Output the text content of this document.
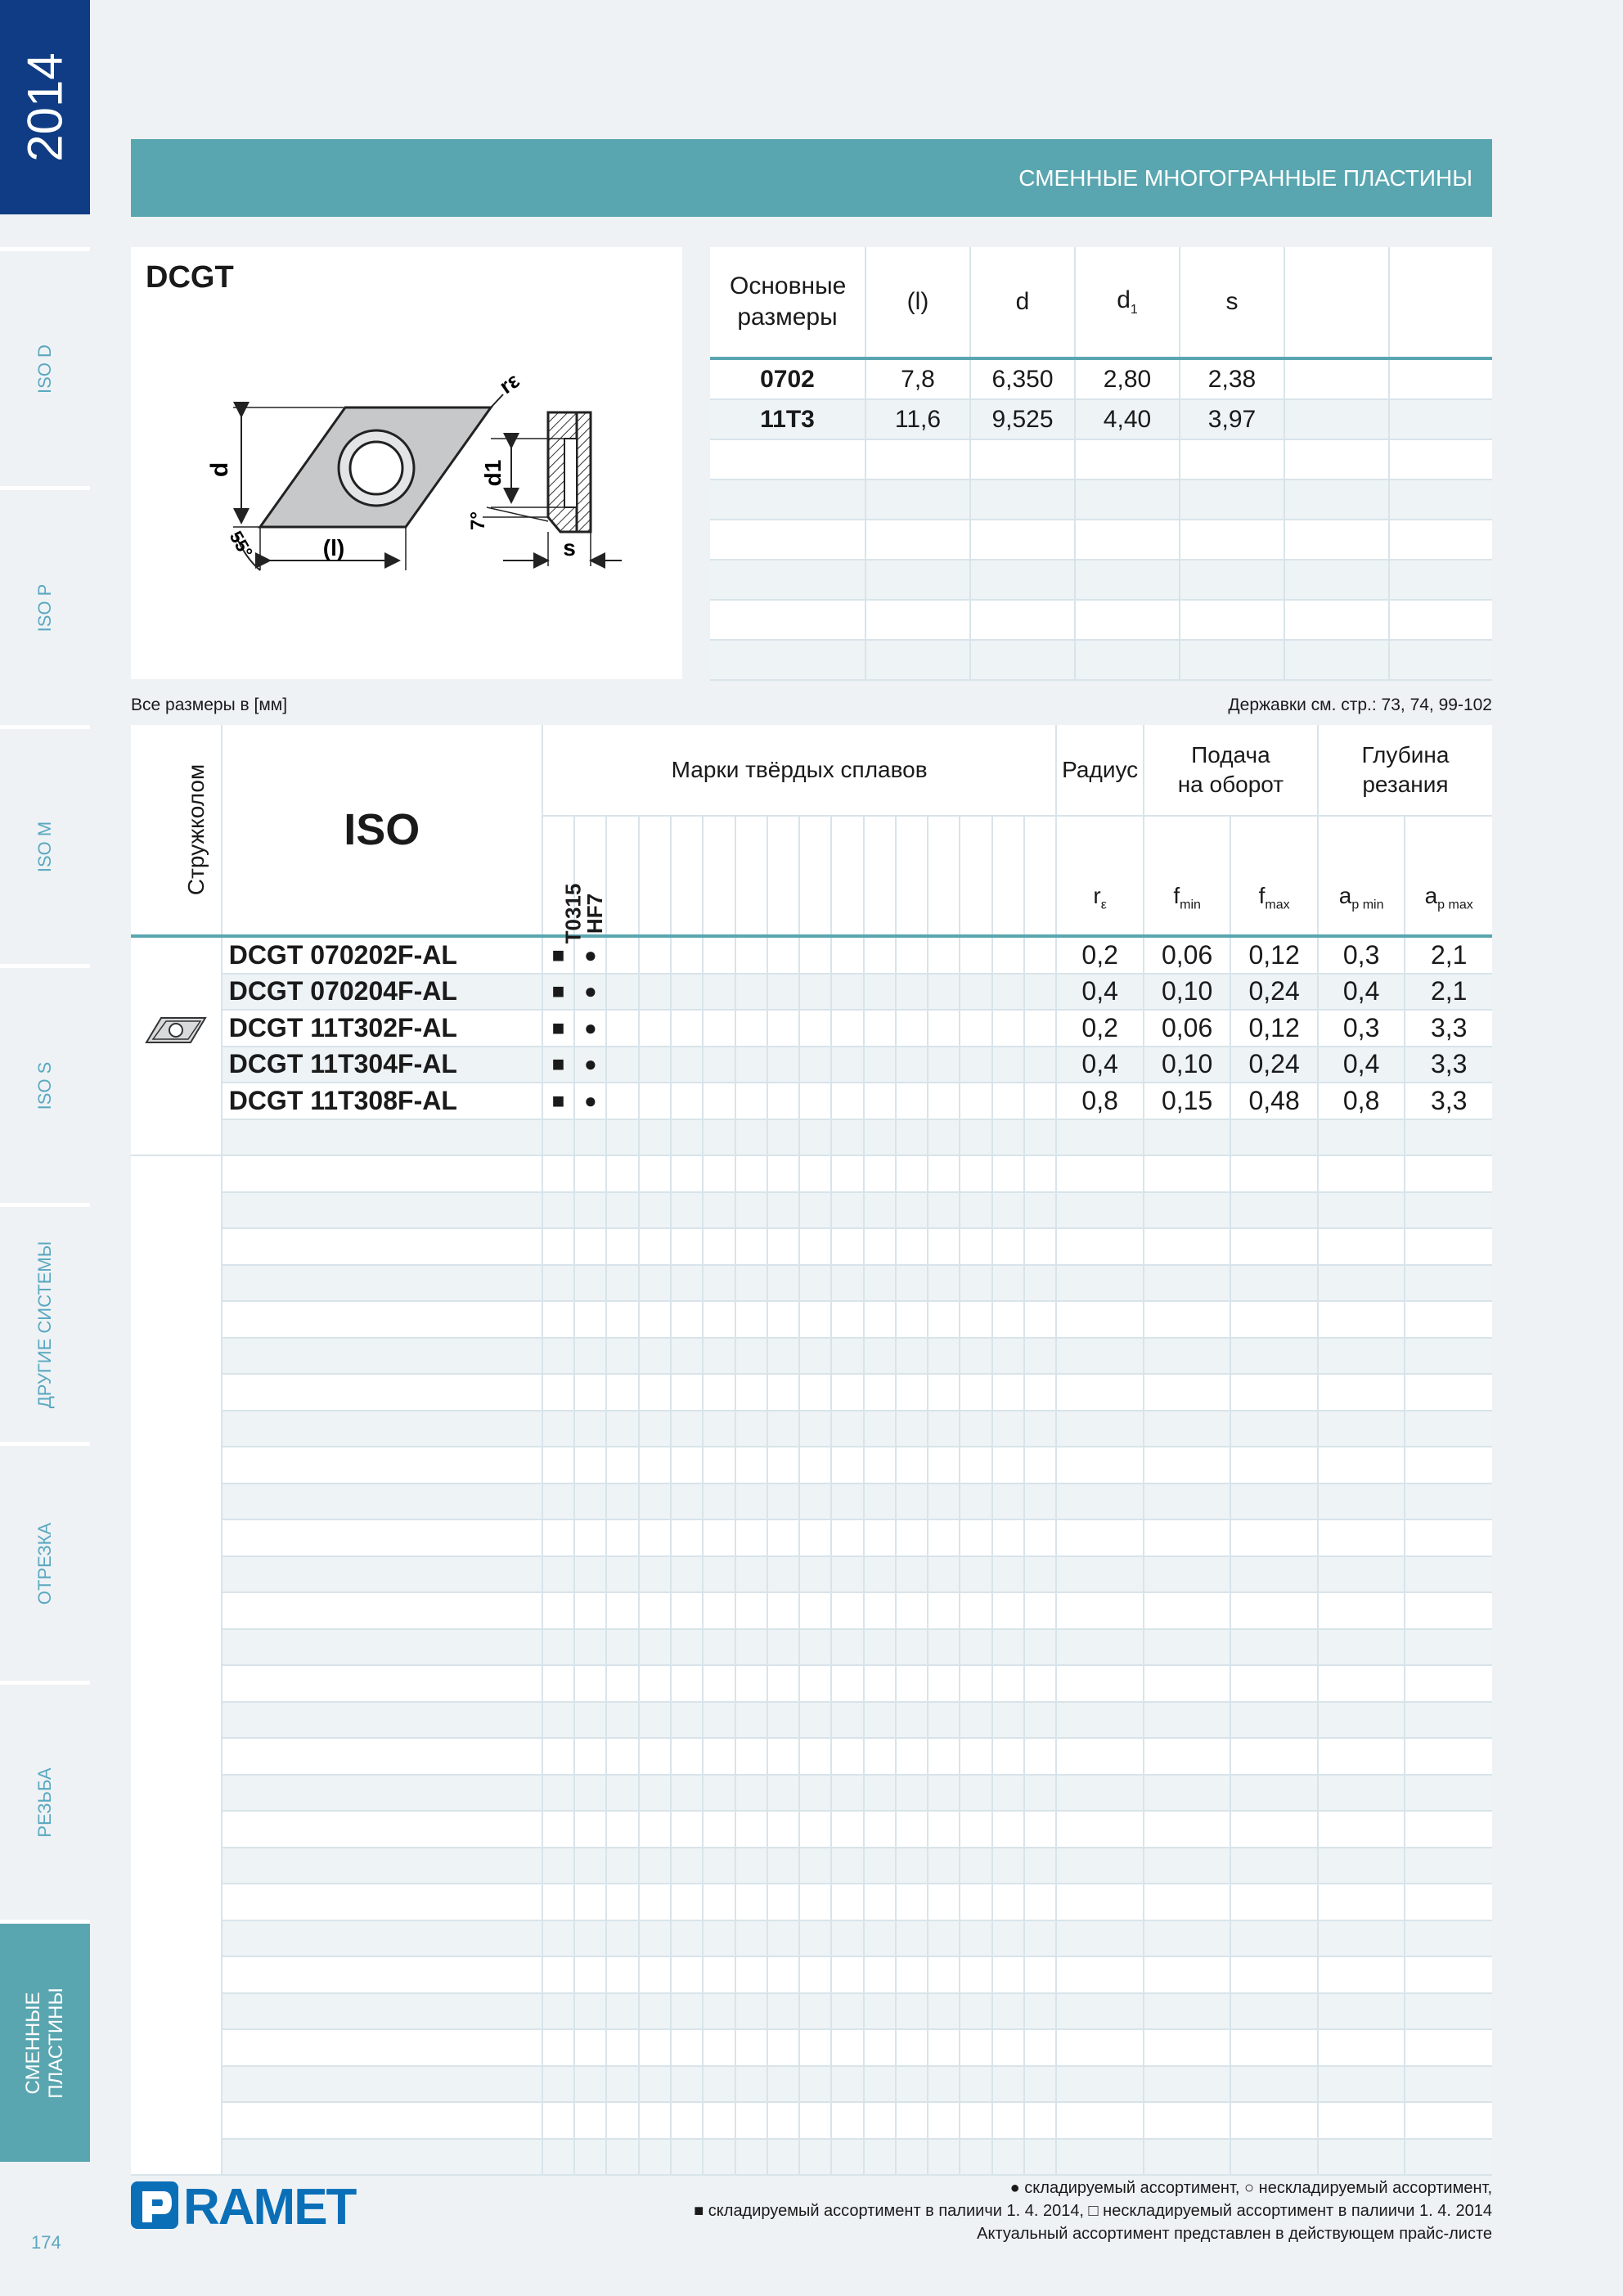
2014
ISO D
ISO P
ISO M
ISO S
ДРУГИЕ СИСТЕМЫ
ОТРЕЗКА
РЕЗЬБА
СМЕННЫЕ
ПЛАСТИНЫ
174
СМЕННЫЕ МНОГОГРАННЫЕ ПЛАСТИНЫ
DCGT
d
(l)
55°
rε
d1
7°
s
Основные размеры	(l)	d	$d_1$	s		
0702	7,8	6,350	2,80	2,38		
11T3	11,6	9,525	4,40	3,97		

Все размеры в [мм]	Державки см. стр.: 73, 74, 99-102
Стружколом	ISO	Марки твёрдых сплавов																Радиус	Подача на оборот		Глубина резания	
		T0315	HF7															$r_\varepsilon$	$f_{min}$	$f_{max}$	$a_{p min}$	$a_{p max}$
	DCGT 070202F-AL	■	●															0,2	0,06	0,12	0,3	2,1
	DCGT 070204F-AL	■	●															0,4	0,10	0,24	0,4	2,1
	DCGT 11T302F-AL	■	●															0,2	0,06	0,12	0,3	3,3
	DCGT 11T304F-AL	■	●															0,4	0,10	0,24	0,4	3,3
	DCGT 11T308F-AL	■	●															0,8	0,15	0,48	0,8	3,3

RAMET	● складируемый ассортимент, ○ нескладируемый ассортимент,
■ складируемый ассортимент в палиичи 1. 4. 2014, □ нескладируемый ассортимент в палиичи 1. 4. 2014
Актуальный ассортимент представлен в действующем прайс-листе
